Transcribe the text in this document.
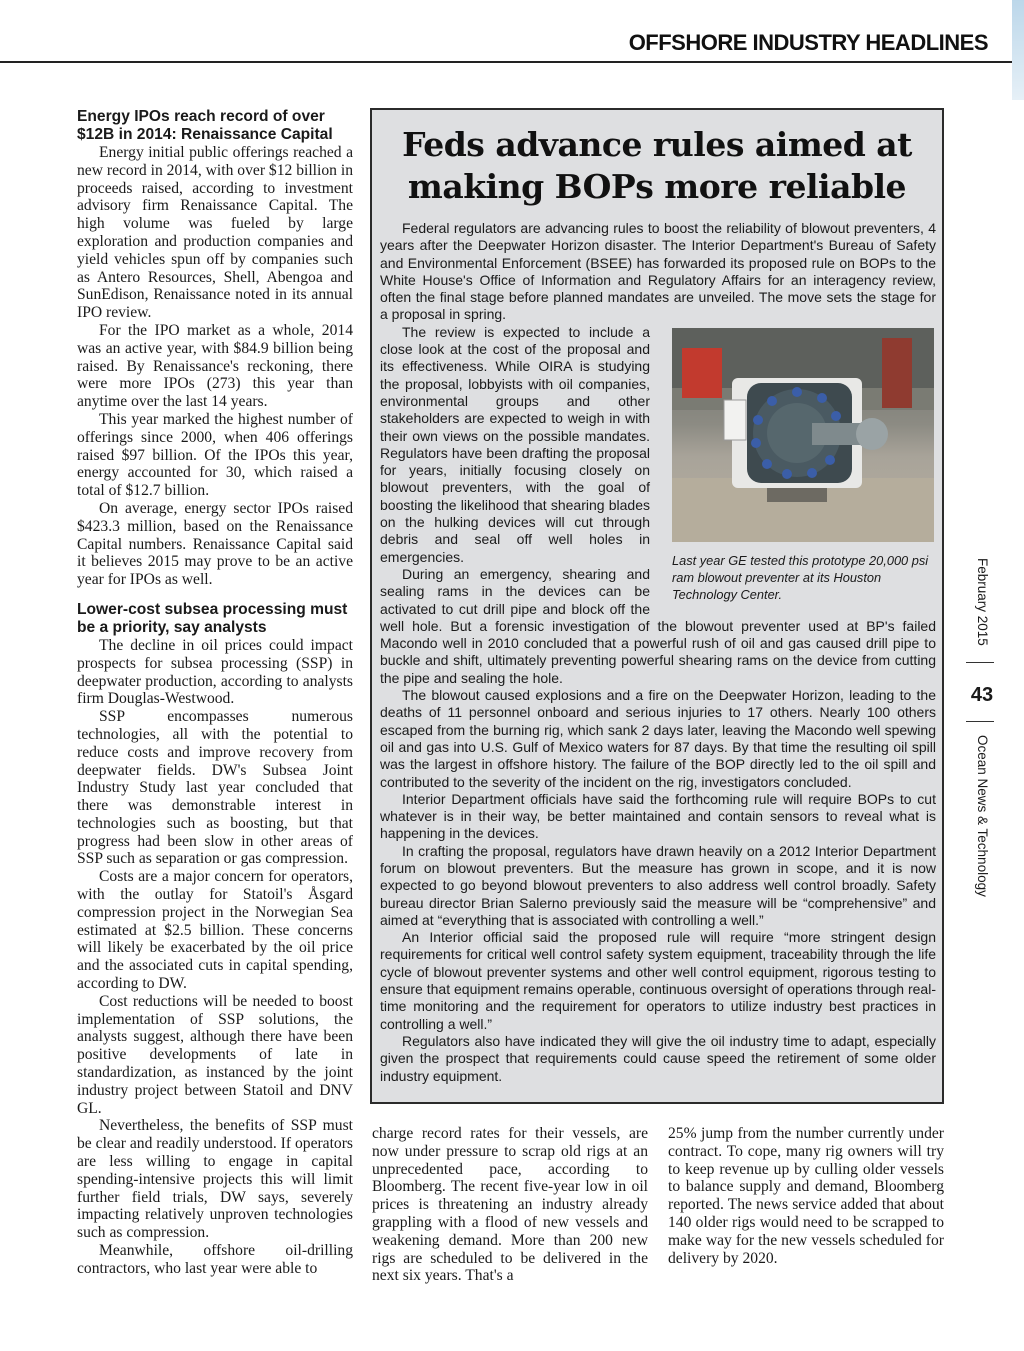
OFFSHORE INDUSTRY HEADLINES
Energy IPOs reach record of over $12B in 2014: Renaissance Capital

Energy initial public offerings reached a new record in 2014, with over $12 billion in proceeds raised, according to investment advisory firm Renaissance Capital. The high volume was fueled by large exploration and production companies and yield vehicles spun off by companies such as Antero Resources, Shell, Abengoa and SunEdison, Renaissance noted in its annual IPO review.

For the IPO market as a whole, 2014 was an active year, with $84.9 billion being raised. By Renaissance's reckoning, there were more IPOs (273) this year than anytime over the last 14 years.

This year marked the highest number of offerings since 2000, when 406 offerings raised $97 billion. Of the IPOs this year, energy accounted for 30, which raised a total of $12.7 billion.

On average, energy sector IPOs raised $423.3 million, based on the Renaissance Capital numbers. Renaissance Capital said it believes 2015 may prove to be an active year for IPOs as well.

Lower-cost subsea processing must be a priority, say analysts

The decline in oil prices could impact prospects for subsea processing (SSP) in deepwater production, according to analysts firm Douglas-Westwood.

SSP encompasses numerous technologies, all with the potential to reduce costs and improve recovery from deepwater fields. DW's Subsea Joint Industry Study last year concluded that there was demonstrable interest in technologies such as boosting, but that progress had been slow in other areas of SSP such as separation or gas compression.

Costs are a major concern for operators, with the outlay for Statoil's Åsgard compression project in the Norwegian Sea estimated at $2.5 billion. These concerns will likely be exacerbated by the oil price and the associated cuts in capital spending, according to DW.

Cost reductions will be needed to boost implementation of SSP solutions, the analysts suggest, although there have been positive developments of late in standardization, as instanced by the joint industry project between Statoil and DNV GL.

Nevertheless, the benefits of SSP must be clear and readily understood. If operators are less willing to engage in capital spending-intensive projects this will limit further field trials, DW says, severely impacting relatively unproven technologies such as compression.

Meanwhile, offshore oil-drilling contractors, who last year were able to

Feds advance rules aimed at making BOPs more reliable

Federal regulators are advancing rules to boost the reliability of blowout preventers, 4 years after the Deepwater Horizon disaster. The Interior Department's Bureau of Safety and Environmental Enforcement (BSEE) has forwarded its proposed rule on BOPs to the White House's Office of Information and Regulatory Affairs for an interagency review, often the final stage before planned mandates are unveiled. The move sets the stage for a proposal in spring.

Last year GE tested this prototype 20,000 psi ram blowout preventer at its Houston Technology Center.

The review is expected to include a close look at the cost of the proposal and its effectiveness. While OIRA is studying the proposal, lobbyists with oil companies, environmental groups and other stakeholders are expected to weigh in with their own views on the possible mandates. Regulators have been drafting the proposal for years, initially focusing closely on blowout preventers, with the goal of boosting the likelihood that shearing blades on the hulking devices will cut through debris and seal off well holes in emergencies.

During an emergency, shearing and sealing rams in the devices can be activated to cut drill pipe and block off the well hole. But a forensic investigation of the blowout preventer used at BP's failed Macondo well in 2010 concluded that a powerful rush of oil and gas caused drill pipe to buckle and shift, ultimately preventing powerful shearing rams on the device from cutting the pipe and sealing the hole.

The blowout caused explosions and a fire on the Deepwater Horizon, leading to the deaths of 11 personnel onboard and serious injuries to 17 others. Nearly 100 others escaped from the burning rig, which sank 2 days later, leaving the Macondo well spewing oil and gas into U.S. Gulf of Mexico waters for 87 days. By that time the resulting oil spill was the largest in offshore history. The failure of the BOP directly led to the oil spill and contributed to the severity of the incident on the rig, investigators concluded.

Interior Department officials have said the forthcoming rule will require BOPs to cut whatever is in their way, be better maintained and contain sensors to reveal what is happening in the devices.

In crafting the proposal, regulators have drawn heavily on a 2012 Interior Department forum on blowout preventers. But the measure has grown in scope, and it is now expected to go beyond blowout preventers to also address well control broadly. Safety bureau director Brian Salerno previously said the measure will be “comprehensive” and aimed at “everything that is associated with controlling a well.”

An Interior official said the proposed rule will require “more stringent design requirements for critical well control safety system equipment, traceability through the life cycle of blowout preventer systems and other well control equipment, rigorous testing to ensure that equipment remains operable, continuous oversight of operations through real-time monitoring and the requirement for operators to utilize industry best practices in controlling a well.”

Regulators also have indicated they will give the oil industry time to adapt, especially given the prospect that requirements could cause speed the retirement of some older industry equipment.

charge record rates for their vessels, are now under pressure to scrap old rigs at an unprecedented pace, according to Bloomberg. The recent five-year low in oil prices is threatening an industry already grappling with a flood of new vessels and weakening demand. More than 200 new rigs are scheduled to be delivered in the next six years. That's a
25% jump from the number currently under contract. To cope, many rig owners will try to keep revenue up by culling older vessels to balance supply and demand, Bloomberg reported. The news service added that about 140 older rigs would need to be scrapped to make way for the new vessels scheduled for delivery by 2020.
February 2015
43
Ocean News & Technology
